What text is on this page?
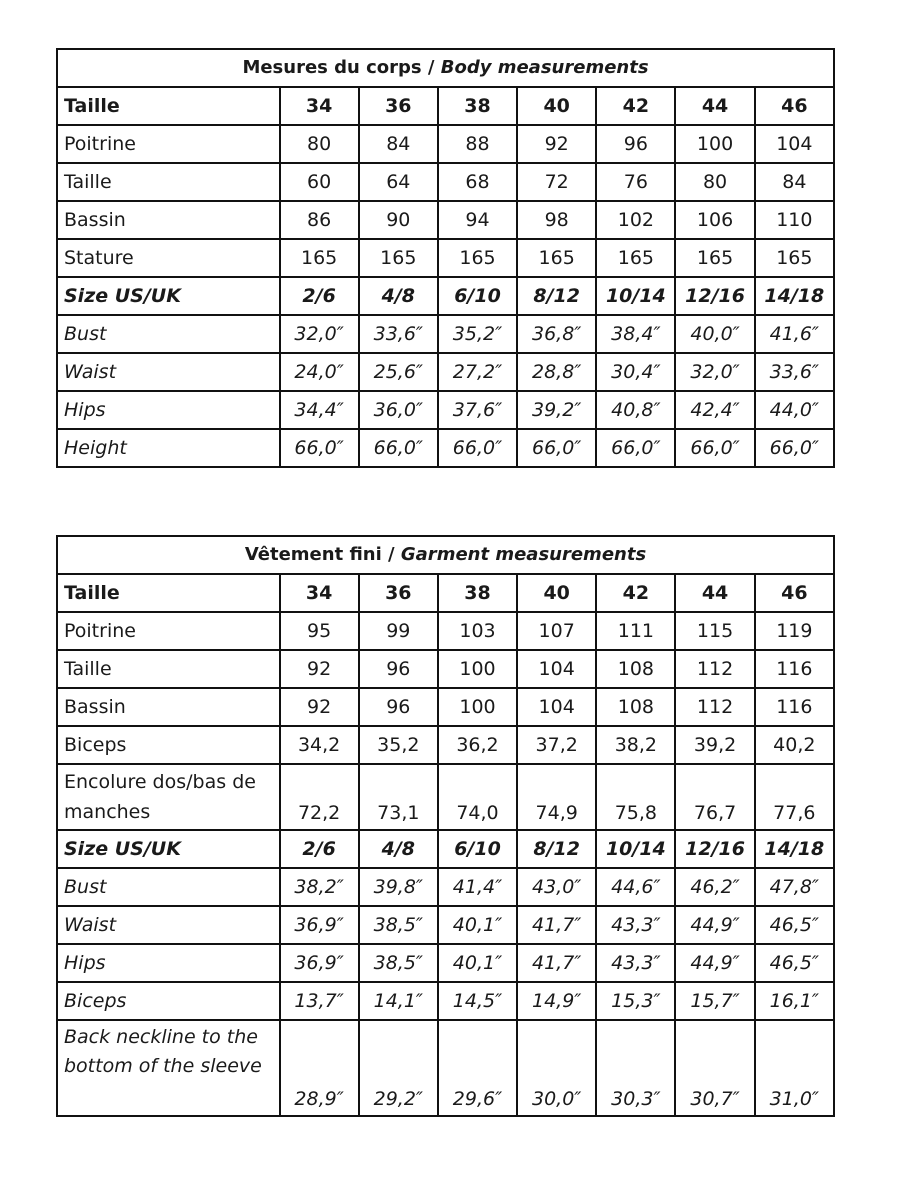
Mesures du corps / Body measurements							
Taille	34	36	38	40	42	44	46
Poitrine	80	84	88	92	96	100	104
Taille	60	64	68	72	76	80	84
Bassin	86	90	94	98	102	106	110
Stature	165	165	165	165	165	165	165
Size US/UK	2/6	4/8	6/10	8/12	10/14	12/16	14/18
Bust	32,0″	33,6″	35,2″	36,8″	38,4″	40,0″	41,6″
Waist	24,0″	25,6″	27,2″	28,8″	30,4″	32,0″	33,6″
Hips	34,4″	36,0″	37,6″	39,2″	40,8″	42,4″	44,0″
Height	66,0″	66,0″	66,0″	66,0″	66,0″	66,0″	66,0″
Vêtement fini / Garment measurements							
Taille	34	36	38	40	42	44	46
Poitrine	95	99	103	107	111	115	119
Taille	92	96	100	104	108	112	116
Bassin	92	96	100	104	108	112	116
Biceps	34,2	35,2	36,2	37,2	38,2	39,2	40,2
Encolure dos/bas de manches	72,2	73,1	74,0	74,9	75,8	76,7	77,6
Size US/UK	2/6	4/8	6/10	8/12	10/14	12/16	14/18
Bust	38,2″	39,8″	41,4″	43,0″	44,6″	46,2″	47,8″
Waist	36,9″	38,5″	40,1″	41,7″	43,3″	44,9″	46,5″
Hips	36,9″	38,5″	40,1″	41,7″	43,3″	44,9″	46,5″
Biceps	13,7″	14,1″	14,5″	14,9″	15,3″	15,7″	16,1″
Back neckline to the bottom of the sleeve	28,9″	29,2″	29,6″	30,0″	30,3″	30,7″	31,0″
